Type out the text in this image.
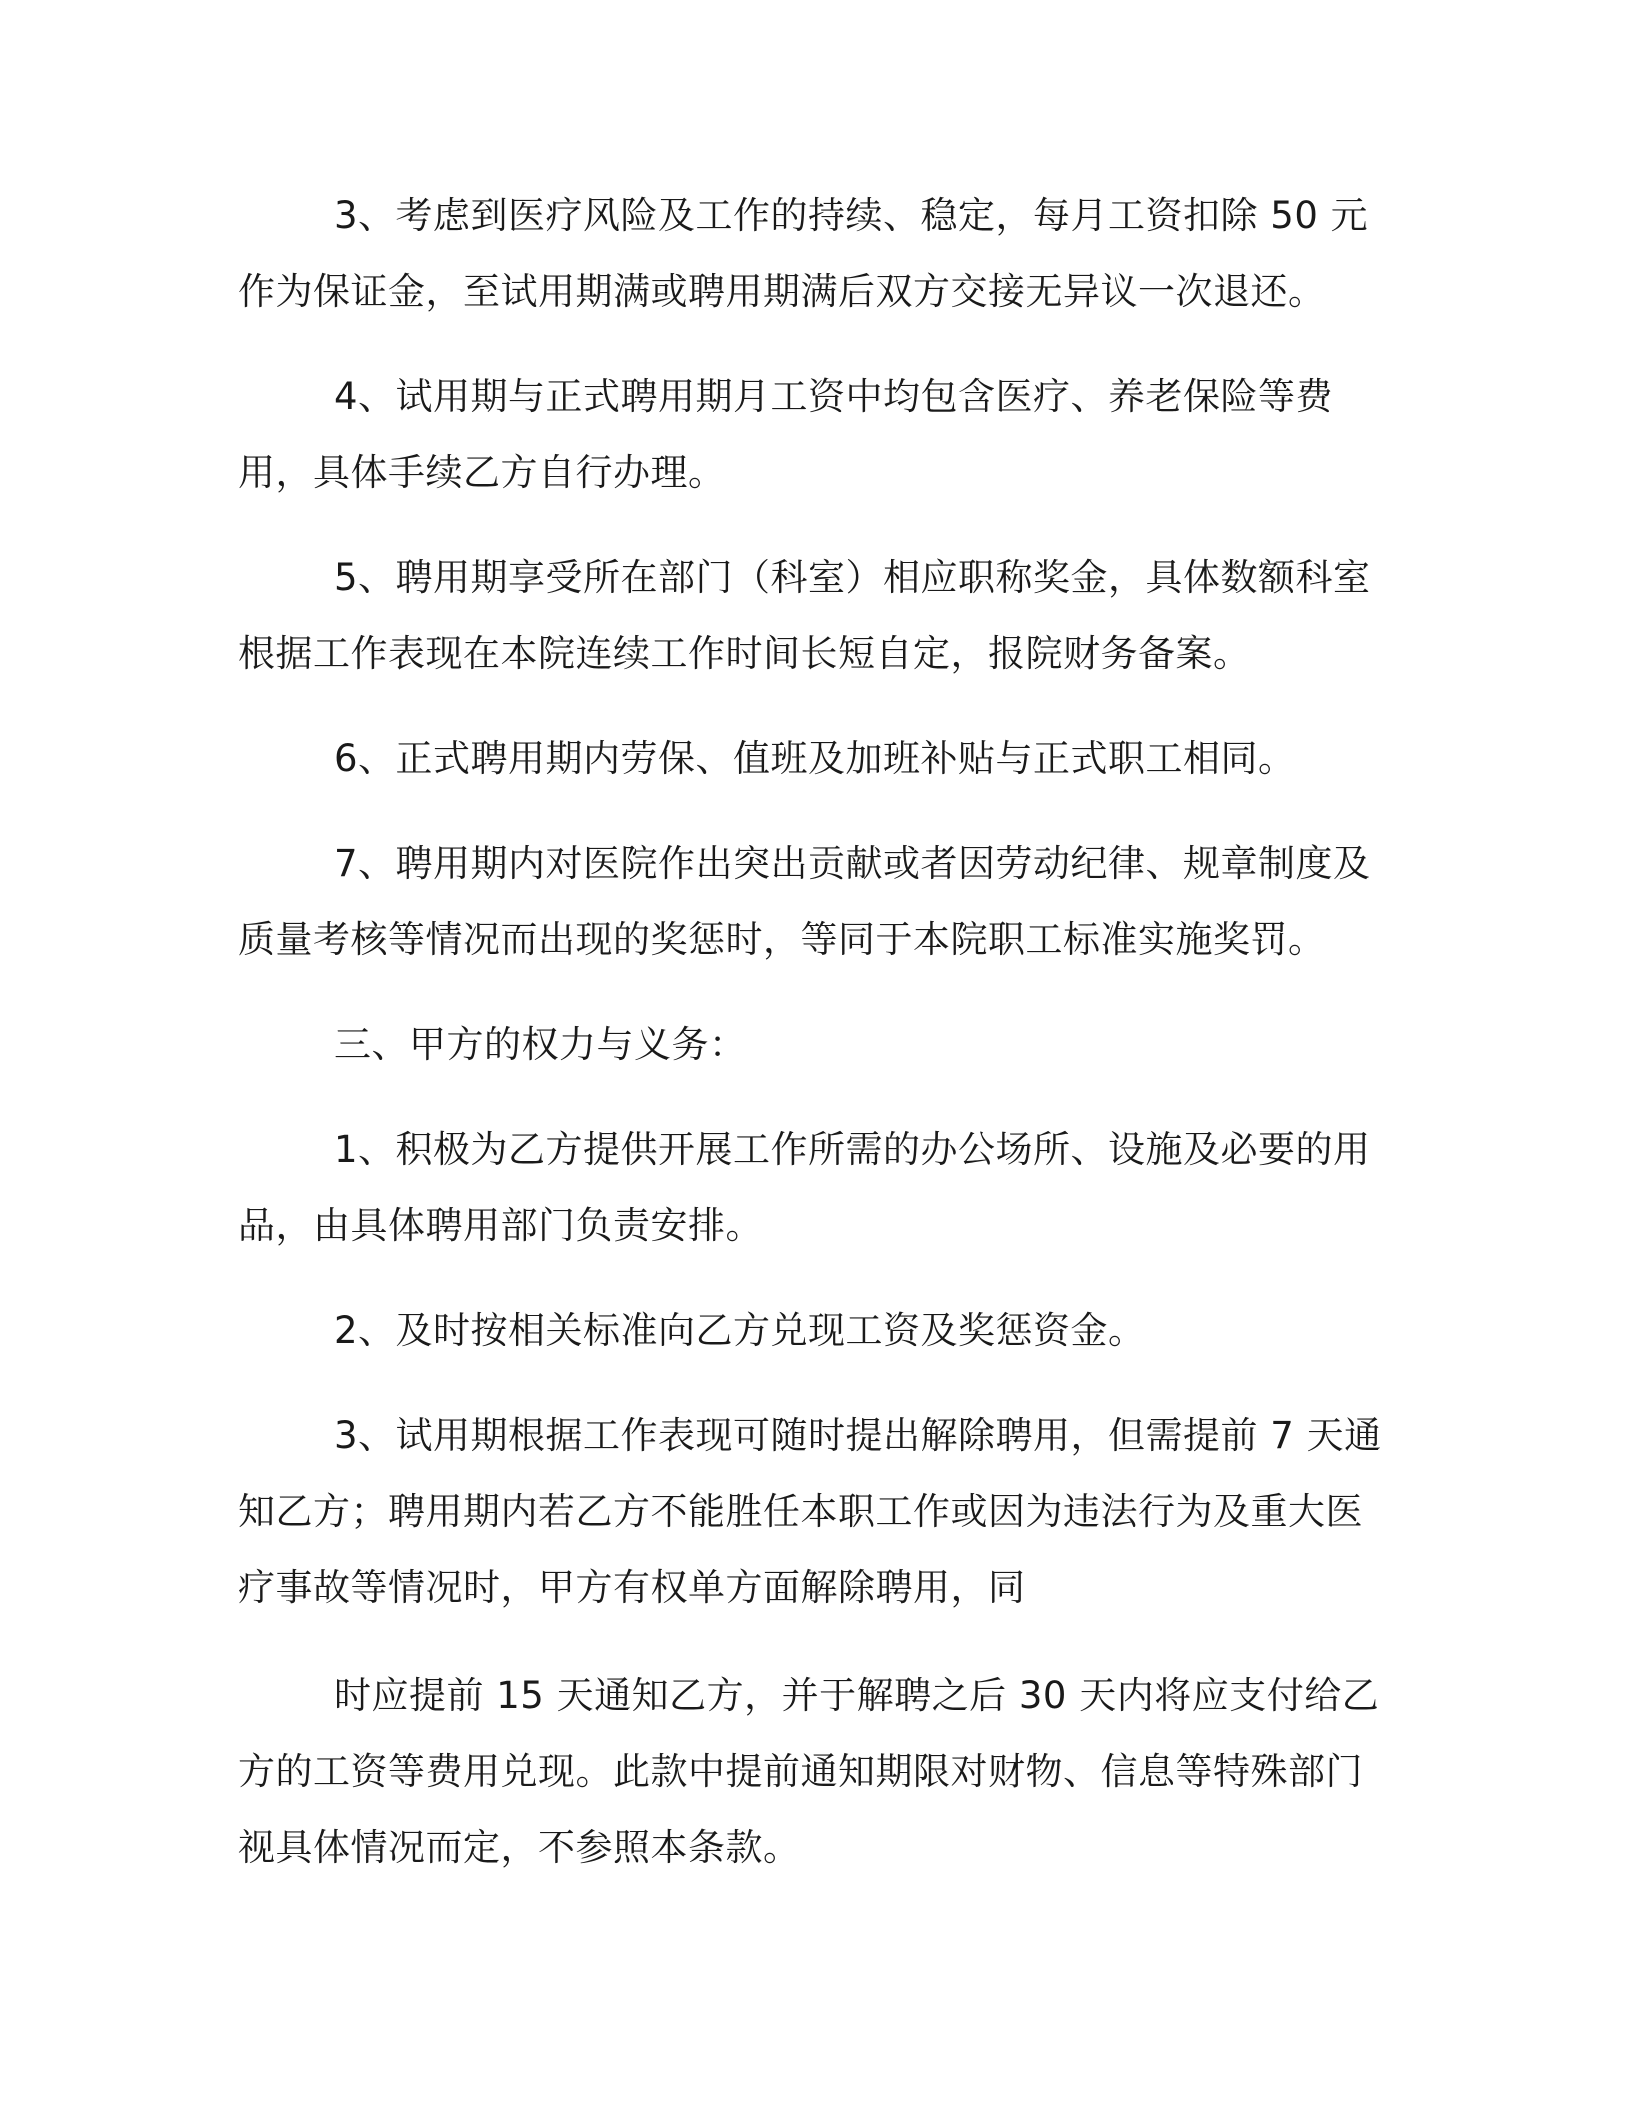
3、考虑到医疗风险及工作的持续、稳定，每月工资扣除 50 元作为保证金，至试用期满或聘用期满后双方交接无异议一次退还。

4、试用期与正式聘用期月工资中均包含医疗、养老保险等费用，具体手续乙方自行办理。

5、聘用期享受所在部门（科室）相应职称奖金，具体数额科室根据工作表现在本院连续工作时间长短自定，报院财务备案。

6、正式聘用期内劳保、值班及加班补贴与正式职工相同。

7、聘用期内对医院作出突出贡献或者因劳动纪律、规章制度及质量考核等情况而出现的奖惩时，等同于本院职工标准实施奖罚。

三、甲方的权力与义务：

1、积极为乙方提供开展工作所需的办公场所、设施及必要的用品，由具体聘用部门负责安排。

2、及时按相关标准向乙方兑现工资及奖惩资金。

3、试用期根据工作表现可随时提出解除聘用，但需提前 7 天通知乙方；聘用期内若乙方不能胜任本职工作或因为违法行为及重大医疗事故等情况时，甲方有权单方面解除聘用，同

时应提前 15 天通知乙方，并于解聘之后 30 天内将应支付给乙方的工资等费用兑现。此款中提前通知期限对财物、信息等特殊部门视具体情况而定，不参照本条款。
